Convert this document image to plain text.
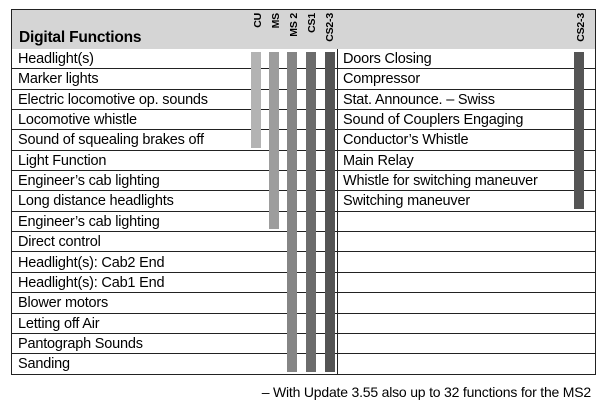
Digital Functions
CU MS MS 2 CS1 CS2-3	CS2-3
Headlight(s)
Marker lights
Electric locomotive op. sounds
Locomotive whistle
Sound of squealing brakes off
Light Function
Engineer’s cab lighting
Long distance headlights
Engineer’s cab lighting
Direct control
Headlight(s): Cab2 End
Headlight(s): Cab1 End
Blower motors
Letting off Air
Pantograph Sounds
Sanding
Doors Closing
Compressor
Stat. Announce. – Swiss
Sound of Couplers Engaging
Conductor’s Whistle
Main Relay
Whistle for switching maneuver
Switching maneuver
– With Update 3.55 also up to 32 functions for the MS2
